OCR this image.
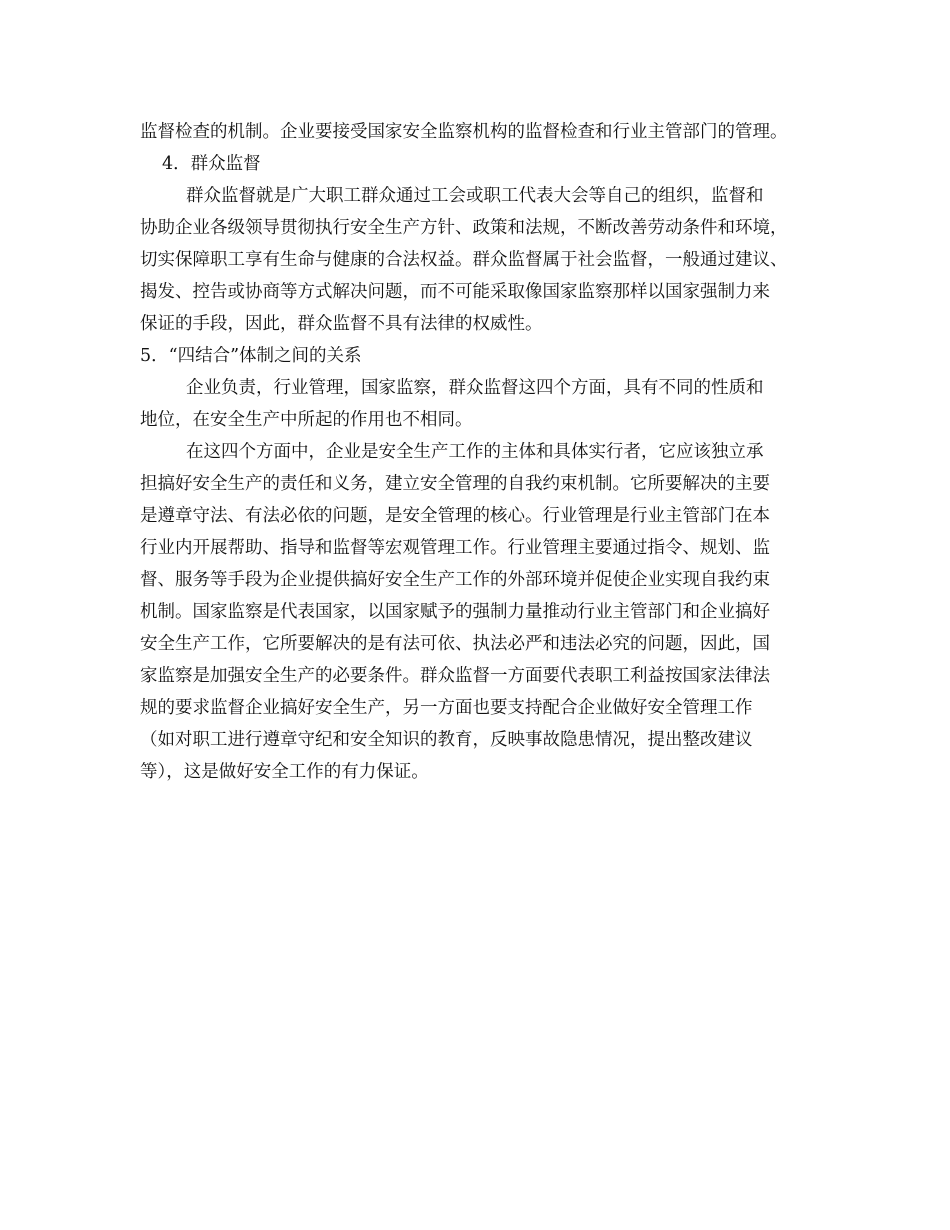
监督检查的机制。企业要接受国家安全监察机构的监督检查和行业主管部门的管理。
4．群众监督
群众监督就是广大职工群众通过工会或职工代表大会等自己的组织，监督和
协助企业各级领导贯彻执行安全生产方针、政策和法规，不断改善劳动条件和环境，
切实保障职工享有生命与健康的合法权益。群众监督属于社会监督，一般通过建议、
揭发、控告或协商等方式解决问题，而不可能采取像国家监察那样以国家强制力来
保证的手段，因此，群众监督不具有法律的权威性。
5．“四结合”体制之间的关系
企业负责，行业管理，国家监察，群众监督这四个方面，具有不同的性质和
地位，在安全生产中所起的作用也不相同。
在这四个方面中，企业是安全生产工作的主体和具体实行者，它应该独立承
担搞好安全生产的责任和义务，建立安全管理的自我约束机制。它所要解决的主要
是遵章守法、有法必依的问题，是安全管理的核心。行业管理是行业主管部门在本
行业内开展帮助、指导和监督等宏观管理工作。行业管理主要通过指令、规划、监
督、服务等手段为企业提供搞好安全生产工作的外部环境并促使企业实现自我约束
机制。国家监察是代表国家，以国家赋予的强制力量推动行业主管部门和企业搞好
安全生产工作，它所要解决的是有法可依、执法必严和违法必究的问题，因此，国
家监察是加强安全生产的必要条件。群众监督一方面要代表职工利益按国家法律法
规的要求监督企业搞好安全生产，另一方面也要支持配合企业做好安全管理工作
（如对职工进行遵章守纪和安全知识的教育，反映事故隐患情况，提出整改建议
等），这是做好安全工作的有力保证。
